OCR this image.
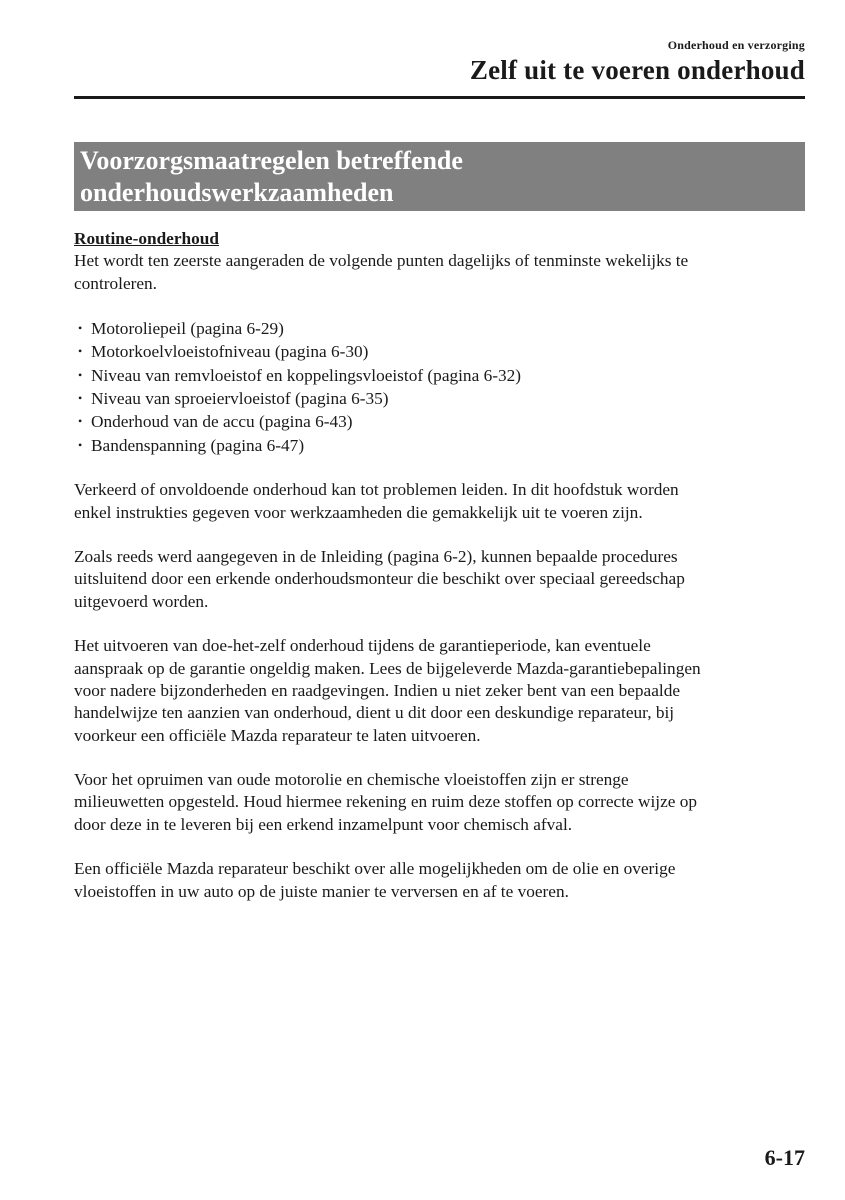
Onderhoud en verzorging
Zelf uit te voeren onderhoud
Voorzorgsmaatregelen betreffende
onderhoudswerkzaamheden

Routine-onderhoud

Het wordt ten zeerste aangeraden de volgende punten dagelijks of tenminste wekelijks te

controleren.

• Motoroliepeil (pagina 6-29)
• Motorkoelvloeistofniveau (pagina 6-30)
• Niveau van remvloeistof en koppelingsvloeistof (pagina 6-32)
• Niveau van sproeiervloeistof (pagina 6-35)
• Onderhoud van de accu (pagina 6-43)
• Bandenspanning (pagina 6-47)

Verkeerd of onvoldoende onderhoud kan tot problemen leiden. In dit hoofdstuk worden

enkel instrukties gegeven voor werkzaamheden die gemakkelijk uit te voeren zijn.

Zoals reeds werd aangegeven in de Inleiding (pagina 6-2), kunnen bepaalde procedures

uitsluitend door een erkende onderhoudsmonteur die beschikt over speciaal gereedschap

uitgevoerd worden.

Het uitvoeren van doe-het-zelf onderhoud tijdens de garantieperiode, kan eventuele

aanspraak op de garantie ongeldig maken. Lees de bijgeleverde Mazda-garantiebepalingen

voor nadere bijzonderheden en raadgevingen. Indien u niet zeker bent van een bepaalde

handelwijze ten aanzien van onderhoud, dient u dit door een deskundige reparateur, bij

voorkeur een officiële Mazda reparateur te laten uitvoeren.

Voor het opruimen van oude motorolie en chemische vloeistoffen zijn er strenge

milieuwetten opgesteld. Houd hiermee rekening en ruim deze stoffen op correcte wijze op

door deze in te leveren bij een erkend inzamelpunt voor chemisch afval.

Een officiële Mazda reparateur beschikt over alle mogelijkheden om de olie en overige

vloeistoffen in uw auto op de juiste manier te verversen en af te voeren.

6-17
